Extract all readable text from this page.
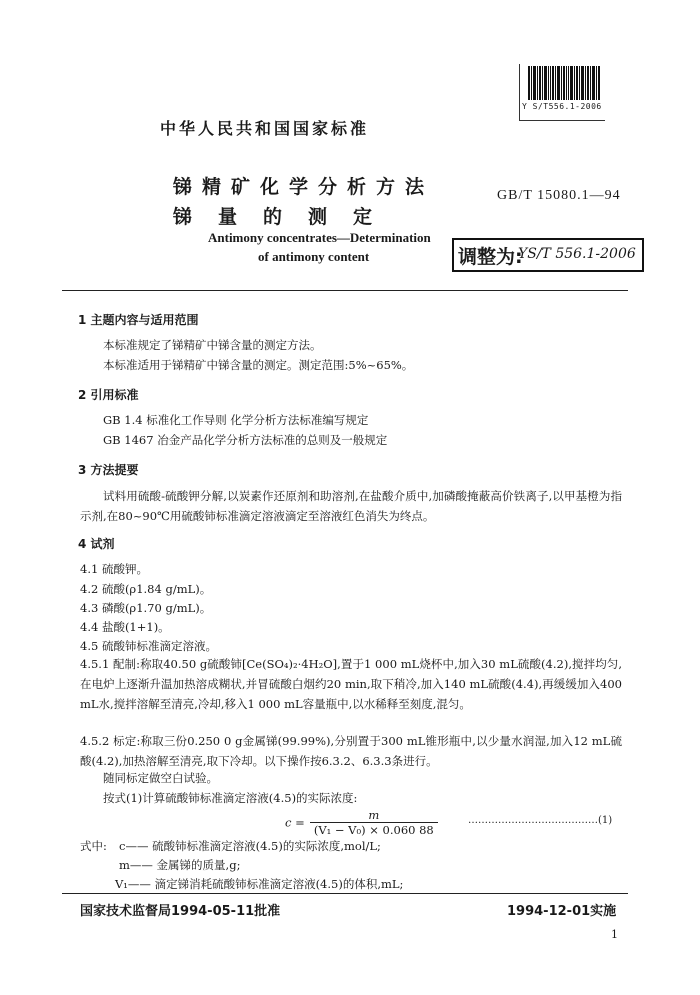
Y S/T556.1-2006
中华人民共和国国家标准
锑精矿化学分析方法
锑量的测定
GB/T 15080.1—94
Antimony concentrates—Determination
of antimony content	调整为:
YS/T 556.1-2006
1 主题内容与适用范围
本标准规定了锑精矿中锑含量的测定方法。
本标准适用于锑精矿中锑含量的测定。测定范围:5%~65%。
2 引用标准
GB 1.4 标准化工作导则 化学分析方法标准编写规定
GB 1467 冶金产品化学分析方法标准的总则及一般规定
3 方法提要
试料用硫酸-硫酸钾分解,以炭素作还原剂和助溶剂,在盐酸介质中,加磷酸掩蔽高价铁离子,以甲基橙为指示剂,在80~90℃用硫酸铈标准滴定溶液滴定至溶液红色消失为终点。
4 试剂
4.1 硫酸钾。
4.2 硫酸(ρ1.84 g/mL)。
4.3 磷酸(ρ1.70 g/mL)。
4.4 盐酸(1+1)。
4.5 硫酸铈标准滴定溶液。
4.5.1 配制:称取40.50 g硫酸铈[Ce(SO₄)₂·4H₂O],置于1 000 mL烧杯中,加入30 mL硫酸(4.2),搅拌均匀,在电炉上逐渐升温加热溶成糊状,并冒硫酸白烟约20 min,取下稍冷,加入140 mL硫酸(4.4),再缓缓加入400 mL水,搅拌溶解至清亮,冷却,移入1 000 mL容量瓶中,以水稀释至刻度,混匀。
4.5.2 标定:称取三份0.250 0 g金属锑(99.99%),分别置于300 mL锥形瓶中,以少量水润湿,加入12 mL硫酸(4.2),加热溶解至清亮,取下冷却。以下操作按6.3.2、6.3.3条进行。
随同标定做空白试验。
按式(1)计算硫酸铈标准滴定溶液(4.5)的实际浓度:
$c = \frac{m}{\text{(V₁ − V₀) × 0.060 88}}$	…………………………………(1)
式中: c—— 硫酸铈标准滴定溶液(4.5)的实际浓度,mol/L;
m—— 金属锑的质量,g;
V₁—— 滴定锑消耗硫酸铈标准滴定溶液(4.5)的体积,mL;
国家技术监督局1994-05-11批准	1994-12-01实施
1
